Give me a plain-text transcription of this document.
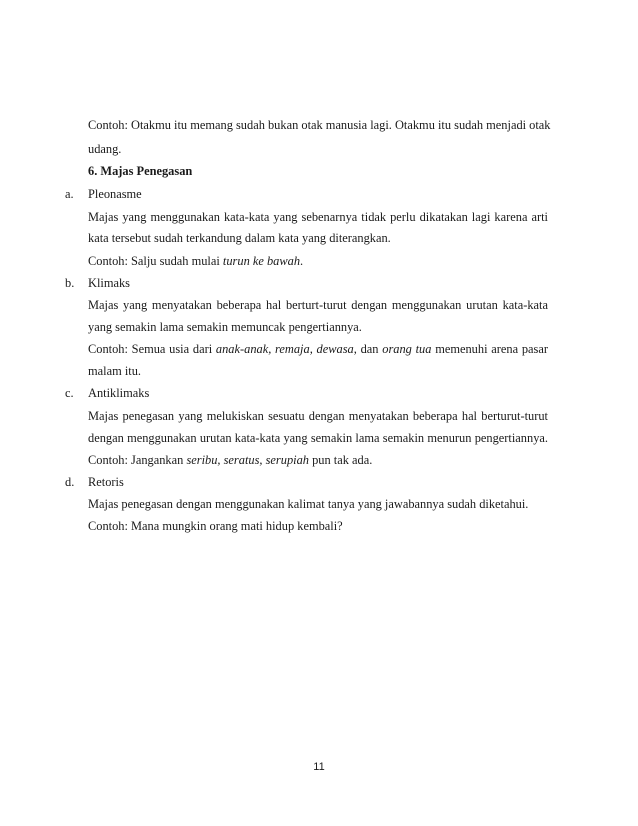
Contoh: Otakmu itu memang sudah bukan otak manusia lagi. Otakmu itu sudah menjadi otak
udang.
6. Majas Penegasan
a. Pleonasme
Majas yang menggunakan kata-kata yang sebenarnya tidak perlu dikatakan lagi karena arti
kata tersebut sudah terkandung dalam kata yang diterangkan.
Contoh: Salju sudah mulai turun ke bawah.
b. Klimaks
Majas yang menyatakan beberapa hal berturt-turut dengan menggunakan urutan kata-kata
yang semakin lama semakin memuncak pengertiannya.
Contoh: Semua usia dari anak-anak, remaja, dewasa, dan orang tua memenuhi arena pasar
malam itu.
c. Antiklimaks
Majas penegasan yang melukiskan sesuatu dengan menyatakan beberapa hal berturut-turut
dengan menggunakan urutan kata-kata yang semakin lama semakin menurun pengertiannya.
Contoh: Jangankan seribu, seratus, serupiah pun tak ada.
d. Retoris
Majas penegasan dengan menggunakan kalimat tanya yang jawabannya sudah diketahui.
Contoh: Mana mungkin orang mati hidup kembali?
11
